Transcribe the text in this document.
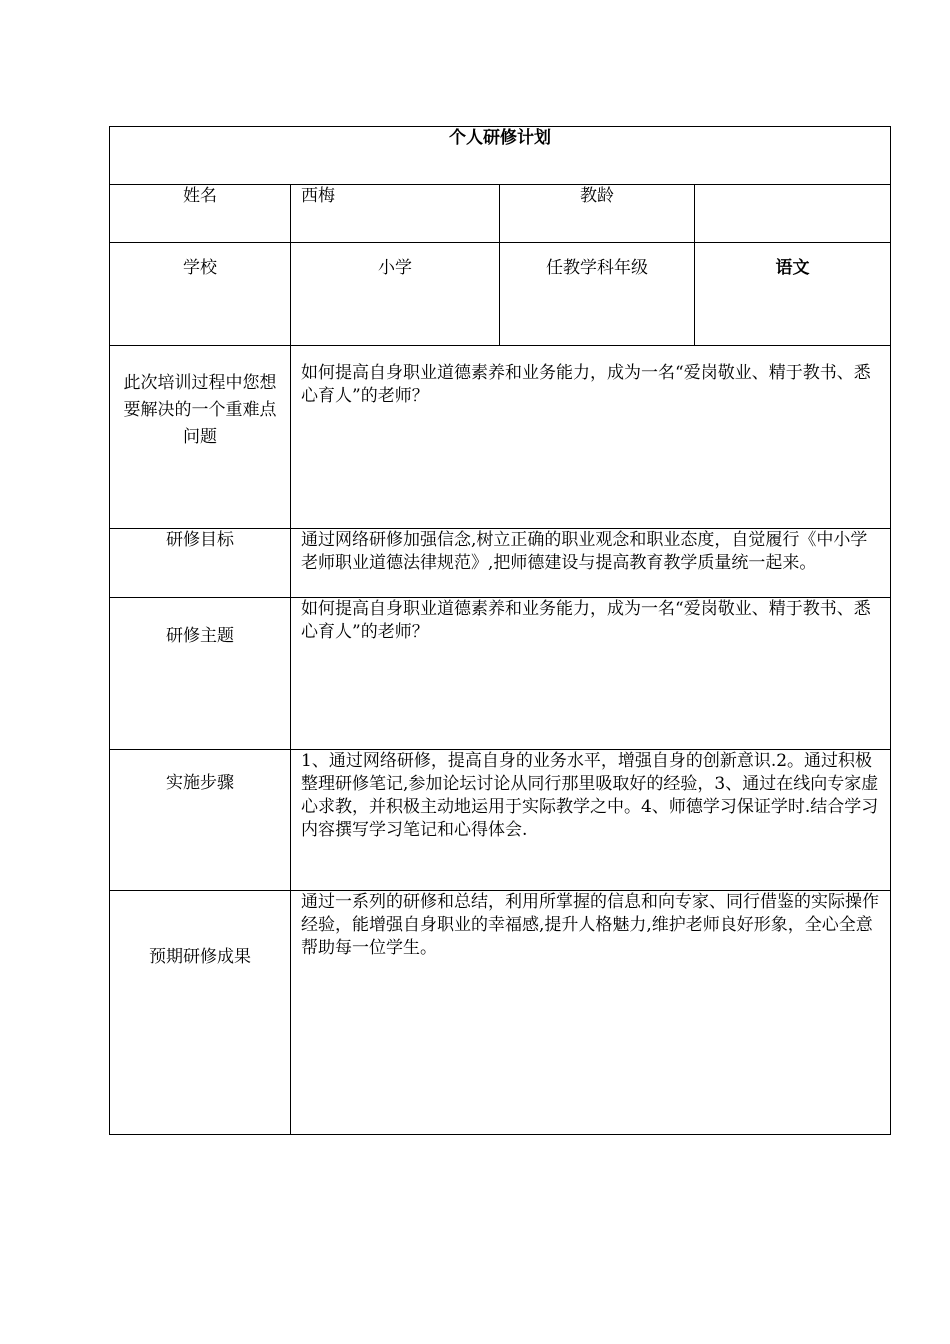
个人研修计划			

姓名	西梅	教龄	
学校	小学	任教学科年级	语文
此次培训过程中您想要解决的一个重难点问题	如何提高自身职业道德素养和业务能力，成为一名“爱岗敬业、精于教书、悉心育人”的老师？		
研修目标	通过网络研修加强信念,树立正确的职业观念和职业态度，自觉履行《中小学老师职业道德法律规范》,把师德建设与提高教育教学质量统一起来。		
研修主题	如何提高自身职业道德素养和业务能力，成为一名“爱岗敬业、精于教书、悉心育人”的老师？		
实施步骤	1、通过网络研修，提高自身的业务水平，增强自身的创新意识.2。通过积极整理研修笔记,参加论坛讨论从同行那里吸取好的经验，3、通过在线向专家虚心求教，并积极主动地运用于实际教学之中。4、师德学习保证学时.结合学习内容撰写学习笔记和心得体会.		
预期研修成果	通过一系列的研修和总结，利用所掌握的信息和向专家、同行借鉴的实际操作经验，能增强自身职业的幸福感,提升人格魅力,维护老师良好形象，全心全意帮助每一位学生。		
